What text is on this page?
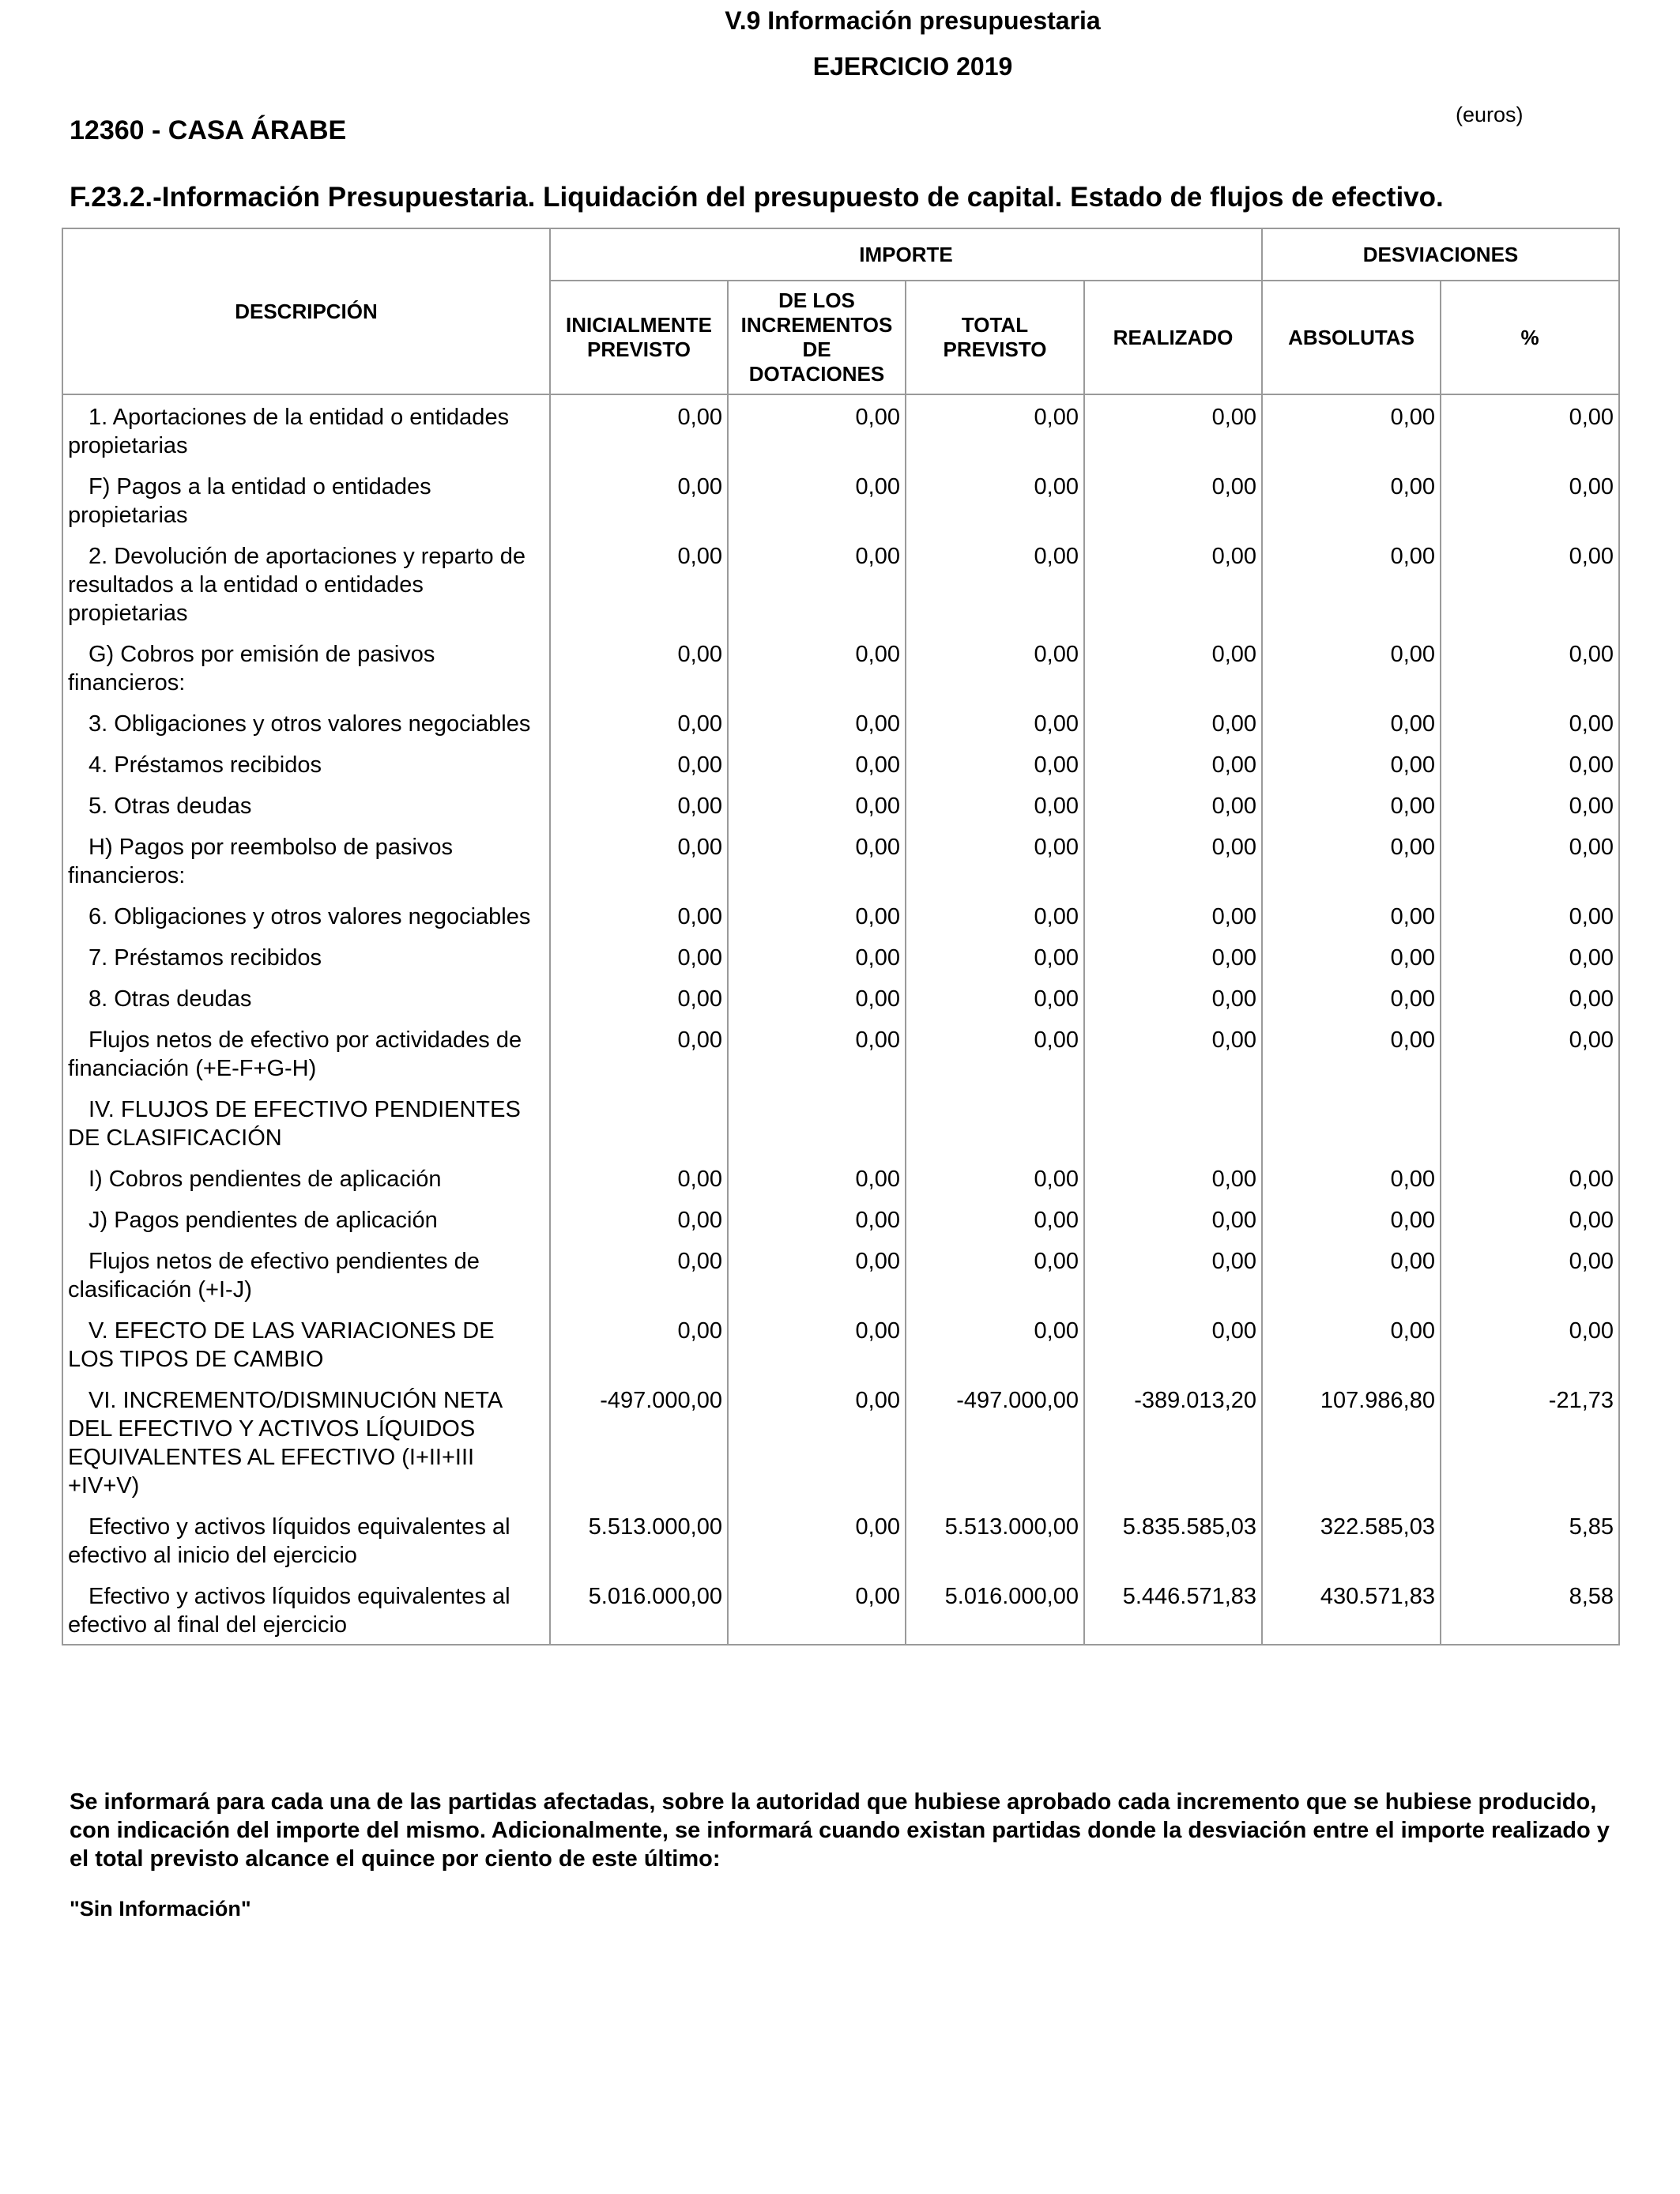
V.9 Información presupuestaria
EJERCICIO 2019
12360 - CASA ÁRABE
(euros)
F.23.2.-Información Presupuestaria. Liquidación del presupuesto de capital. Estado de flujos de efectivo.
DESCRIPCIÓN	IMPORTE				DESVIACIONES	
	INICIALMENTE PREVISTO	DE LOS INCREMENTOS DE DOTACIONES	TOTAL PREVISTO	REALIZADO	ABSOLUTAS	%
1. Aportaciones de la entidad o entidades propietarias	0,00	0,00	0,00	0,00	0,00	0,00
F) Pagos a la entidad o entidades propietarias	0,00	0,00	0,00	0,00	0,00	0,00
2. Devolución de aportaciones y reparto de resultados a la entidad o entidades propietarias	0,00	0,00	0,00	0,00	0,00	0,00
G) Cobros por emisión de pasivos financieros:	0,00	0,00	0,00	0,00	0,00	0,00
3. Obligaciones y otros valores negociables	0,00	0,00	0,00	0,00	0,00	0,00
4. Préstamos recibidos	0,00	0,00	0,00	0,00	0,00	0,00
5. Otras deudas	0,00	0,00	0,00	0,00	0,00	0,00
H) Pagos por reembolso de pasivos financieros:	0,00	0,00	0,00	0,00	0,00	0,00
6. Obligaciones y otros valores negociables	0,00	0,00	0,00	0,00	0,00	0,00
7. Préstamos recibidos	0,00	0,00	0,00	0,00	0,00	0,00
8. Otras deudas	0,00	0,00	0,00	0,00	0,00	0,00
Flujos netos de efectivo por actividades de financiación (+E-F+G-H)	0,00	0,00	0,00	0,00	0,00	0,00
IV. FLUJOS DE EFECTIVO PENDIENTES DE CLASIFICACIÓN						
I) Cobros pendientes de aplicación	0,00	0,00	0,00	0,00	0,00	0,00
J) Pagos pendientes de aplicación	0,00	0,00	0,00	0,00	0,00	0,00
Flujos netos de efectivo pendientes de clasificación (+I-J)	0,00	0,00	0,00	0,00	0,00	0,00
V. EFECTO DE LAS VARIACIONES DE LOS TIPOS DE CAMBIO	0,00	0,00	0,00	0,00	0,00	0,00
VI. INCREMENTO/DISMINUCIÓN NETA DEL EFECTIVO Y ACTIVOS LÍQUIDOS EQUIVALENTES AL EFECTIVO (I+II+III +IV+V)	-497.000,00	0,00	-497.000,00	-389.013,20	107.986,80	-21,73
Efectivo y activos líquidos equivalentes al efectivo al inicio del ejercicio	5.513.000,00	0,00	5.513.000,00	5.835.585,03	322.585,03	5,85
Efectivo y activos líquidos equivalentes al efectivo al final del ejercicio	5.016.000,00	0,00	5.016.000,00	5.446.571,83	430.571,83	8,58
Se informará para cada una de las partidas afectadas, sobre la autoridad que hubiese aprobado cada incremento que se hubiese producido, con indicación del importe del mismo. Adicionalmente, se informará cuando existan partidas donde la desviación entre el importe realizado y el total previsto alcance el quince por ciento de este último:
"Sin Información"
